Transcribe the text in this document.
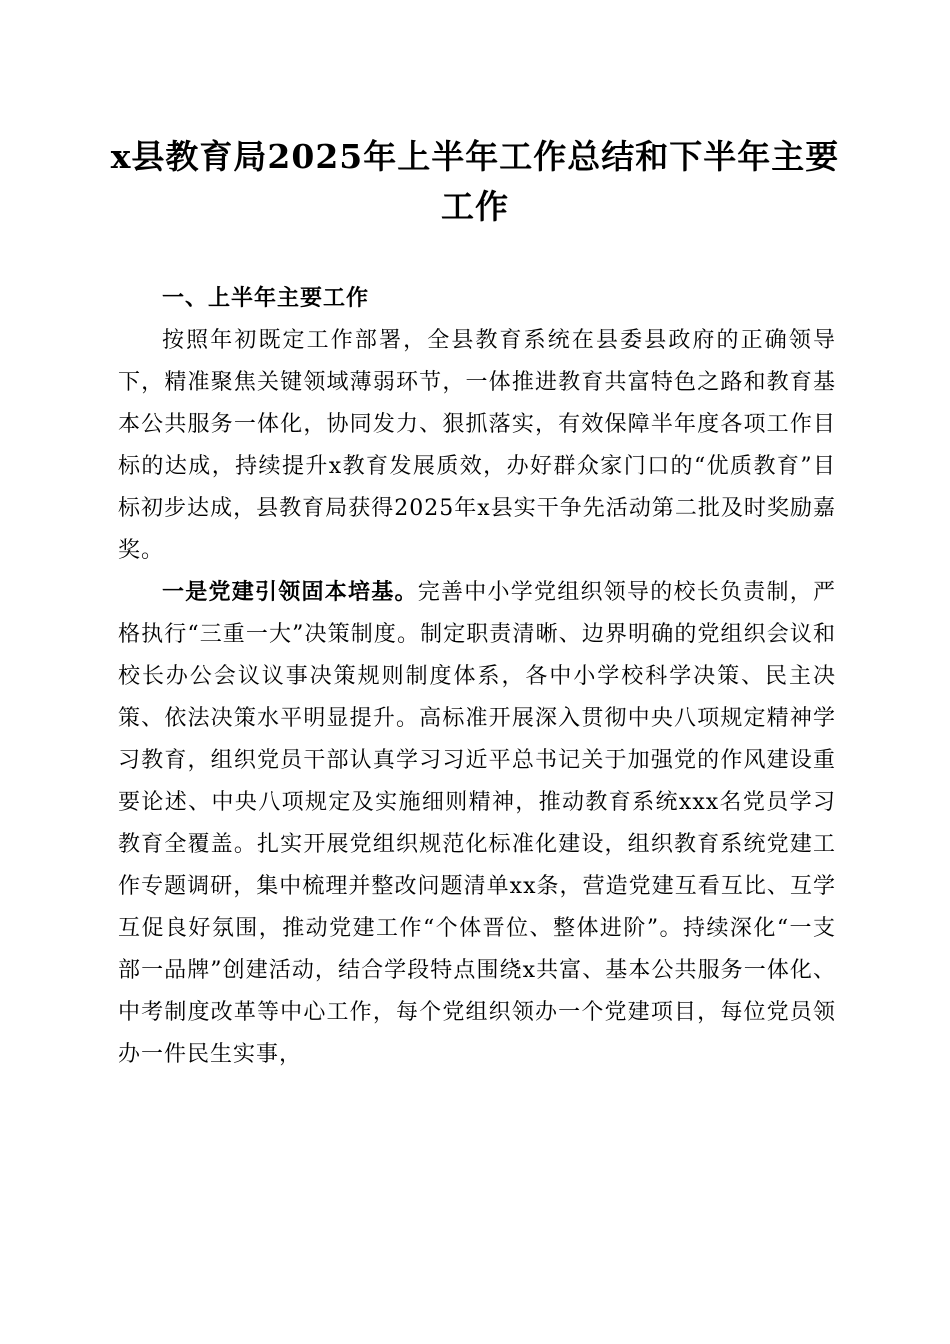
x县教育局2025年上半年工作总结和下半年主要工作

一、上半年主要工作

按照年初既定工作部署，全县教育系统在县委县政府的正确领导下，精准聚焦关键领域薄弱环节，一体推进教育共富特色之路和教育基本公共服务一体化，协同发力、狠抓落实，有效保障半年度各项工作目标的达成，持续提升x教育发展质效，办好群众家门口的“优质教育”目标初步达成，县教育局获得2025年x县实干争先活动第二批及时奖励嘉奖。

一是党建引领固本培基。完善中小学党组织领导的校长负责制，严格执行“三重一大”决策制度。制定职责清晰、边界明确的党组织会议和校长办公会议议事决策规则制度体系，各中小学校科学决策、民主决策、依法决策水平明显提升。高标准开展深入贯彻中央八项规定精神学习教育，组织党员干部认真学习习近平总书记关于加强党的作风建设重要论述、中央八项规定及实施细则精神，推动教育系统xxx名党员学习教育全覆盖。扎实开展党组织规范化标准化建设，组织教育系统党建工作专题调研，集中梳理并整改问题清单xx条，营造党建互看互比、互学互促良好氛围，推动党建工作“个体晋位、整体进阶”。持续深化“一支部一品牌”创建活动，结合学段特点围绕x共富、基本公共服务一体化、中考制度改革等中心工作，每个党组织领办一个党建项目，每位党员领办一件民生实事，
